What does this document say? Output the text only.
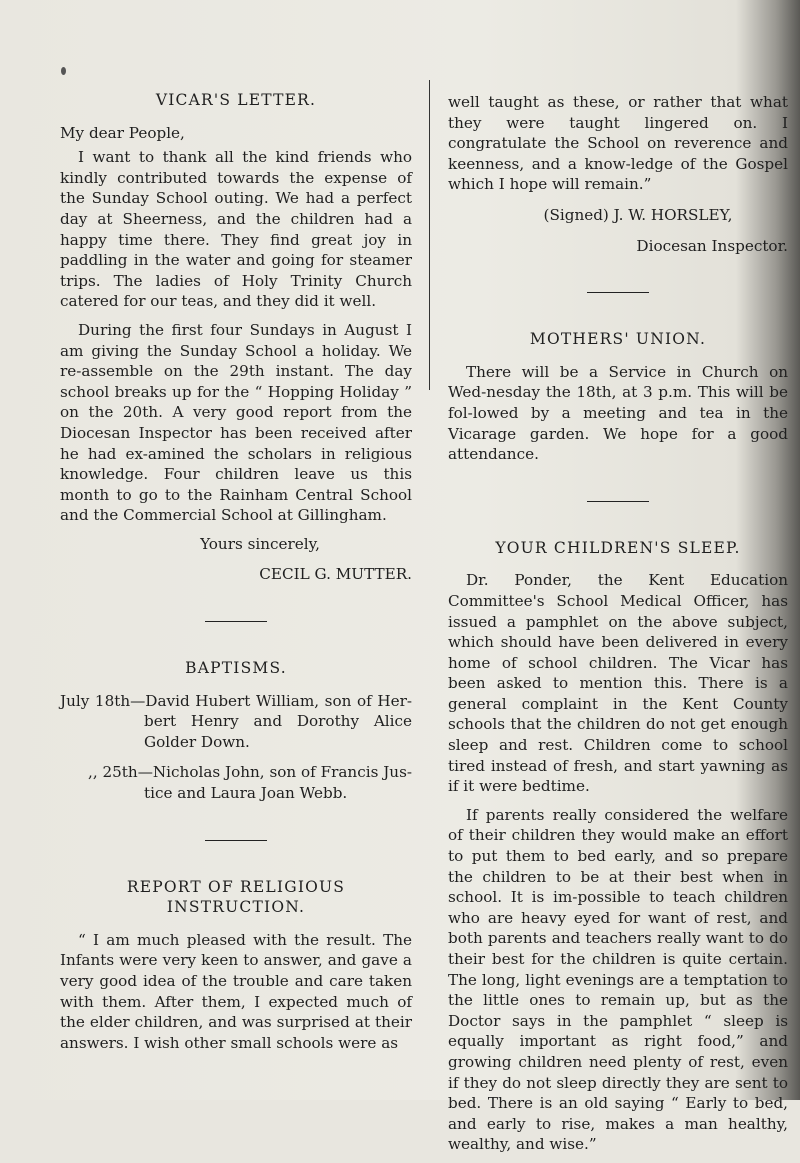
VICAR'S LETTER.

My dear People,

I want to thank all the kind friends who kindly contributed towards the expense of the Sunday School outing. We had a perfect day at Sheerness, and the children had a happy time there. They find great joy in paddling in the water and going for steamer trips. The ladies of Holy Trinity Church catered for our teas, and they did it well.

During the first four Sundays in August I am giving the Sunday School a holiday. We re-assemble on the 29th instant. The day school breaks up for the “ Hopping Holiday ” on the 20th. A very good report from the Diocesan Inspector has been received after he had ex-amined the scholars in religious knowledge. Four children leave us this month to go to the Rainham Central School and the Commercial School at Gillingham.

Yours sincerely,

CECIL G. MUTTER.

BAPTISMS.

July 18th—David Hubert William, son of Her-bert Henry and Dorothy Alice Golder Down.

,, 25th—Nicholas John, son of Francis Jus-tice and Laura Joan Webb.

REPORT OF RELIGIOUS INSTRUCTION.

“ I am much pleased with the result. The Infants were very keen to answer, and gave a very good idea of the trouble and care taken with them. After them, I expected much of the elder children, and was surprised at their answers. I wish other small schools were as

well taught as these, or rather that what they were taught lingered on. I congratulate the School on reverence and keenness, and a know-ledge of the Gospel which I hope will remain.”

(Signed) J. W. HORSLEY,

Diocesan Inspector.

MOTHERS' UNION.

There will be a Service in Church on Wed-nesday the 18th, at 3 p.m. This will be fol-lowed by a meeting and tea in the Vicarage garden. We hope for a good attendance.

YOUR CHILDREN'S SLEEP.

Dr. Ponder, the Kent Education Committee's School Medical Officer, has issued a pamphlet on the above subject, which should have been delivered in every home of school children. The Vicar has been asked to mention this. There is a general complaint in the Kent County schools that the children do not get enough sleep and rest. Children come to school tired instead of fresh, and start yawning as if it were bedtime.

If parents really considered the welfare of their children they would make an effort to put them to bed early, and so prepare the children to be at their best when in school. It is im-possible to teach children who are heavy eyed for want of rest, and both parents and teachers really want to do their best for the children is quite certain. The long, light evenings are a temptation to the little ones to remain up, but as the Doctor says in the pamphlet “ sleep is equally important as right food,” and growing children need plenty of rest, even if they do not sleep directly they are sent to bed. There is an old saying “ Early to bed, and early to rise, makes a man healthy, wealthy, and wise.”
